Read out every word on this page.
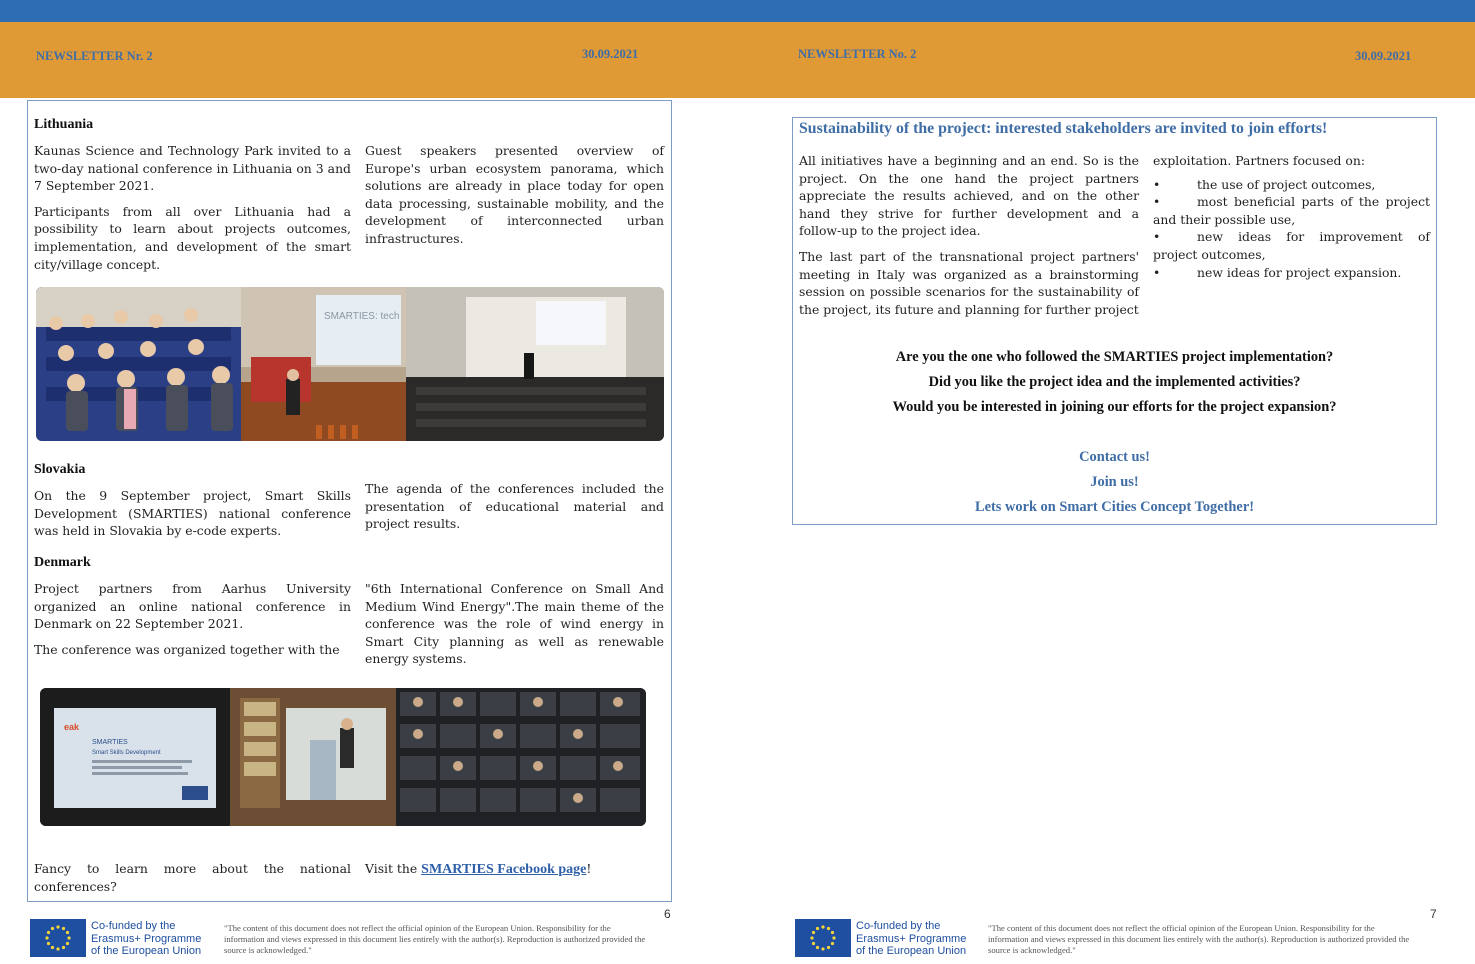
NEWSLETTER Nr. 2	30.09.2021
Lithuania

Kaunas Science and Technology Park invited to a two-day national conference in Lithuania on 3 and 7 September 2021.

Participants from all over Lithuania had a possibility to learn about projects outcomes, implementation, and development of the smart city/village concept.

Guest speakers presented overview of Europe's urban ecosystem panorama, which solutions are already in place today for open data processing, sustainable mobility, and the development of interconnected urban infrastructures.

SMARTIES: tech
Slovakia

On the 9 September project, Smart Skills Development (SMARTIES) national conference was held in Slovakia by e-code experts.

The agenda of the conferences included the presentation of educational material and project results.

Denmark

Project partners from Aarhus University organized an online national conference in Denmark on 22 September 2021.

The conference was organized together with the

"6th International Conference on Small And Medium Wind Energy".The main theme of the conference was the role of wind energy in Smart City planning as well as renewable energy systems.

eak
SMARTIES
Smart Skills Development
Fancy to learn more about the national conferences?
Visit the SMARTIES Facebook page!
6
Co-funded by the
Erasmus+ Programme
of the European Union
"The content of this document does not reflect the official opinion of the European Union. Responsibility for the information and views expressed in this document lies entirely with the author(s). Reproduction is authorized provided the source is acknowledged."
NEWSLETTER No. 2	30.09.2021
Sustainability of the project: interested stakeholders are invited to join efforts!

All initiatives have a beginning and an end. So is the project. On the one hand the project partners appreciate the results achieved, and on the other hand they strive for further development and a follow-up to the project idea.

The last part of the transnational project partners' meeting in Italy was organized as a brainstorming session on possible scenarios for the sustainability of the project, its future and planning for further project

exploitation. Partners focused on:

•	the use of project outcomes,
•	most beneficial parts of the project and their possible use,
•	new ideas for improvement of project outcomes,
•	new ideas for project expansion.
Are you the one who followed the SMARTIES project implementation?
Did you like the project idea and the implemented activities?
Would you be interested in joining our efforts for the project expansion?
Contact us!
Join us!
Lets work on Smart Cities Concept Together!
7
Co-funded by the
Erasmus+ Programme
of the European Union
"The content of this document does not reflect the official opinion of the European Union. Responsibility for the information and views expressed in this document lies entirely with the author(s). Reproduction is authorized provided the source is acknowledged."
